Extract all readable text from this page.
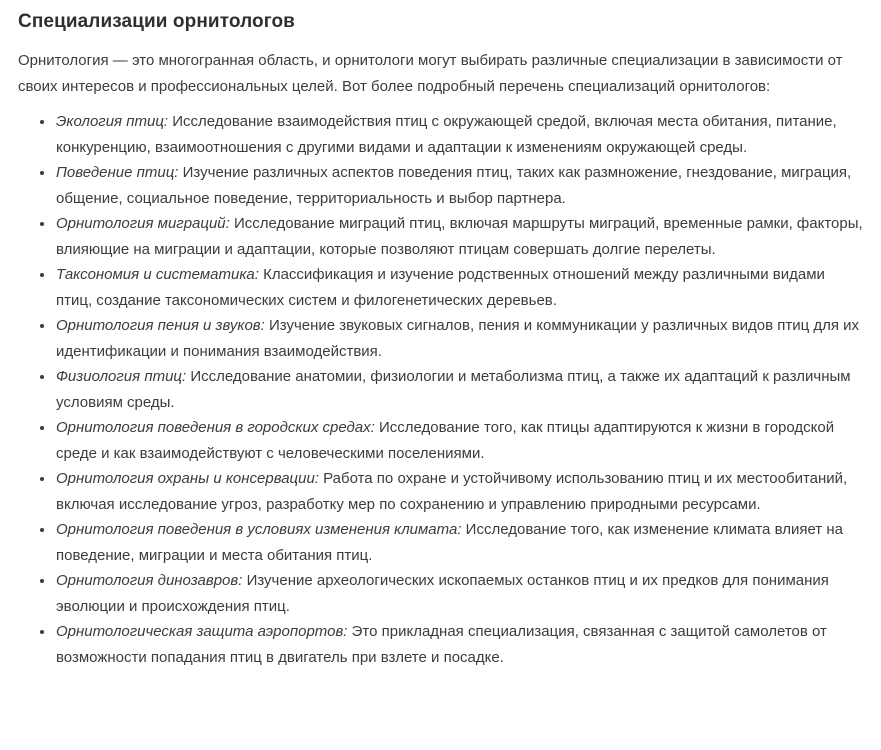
Специализации орнитологов

Орнитология — это многогранная область, и орнитологи могут выбирать различные специализации в зависимости от своих интересов и профессиональных целей. Вот более подробный перечень специализаций орнитологов:

• Экология птиц: Исследование взаимодействия птиц с окружающей средой, включая места обитания, питание, конкуренцию, взаимоотношения с другими видами и адаптации к изменениям окружающей среды.
• Поведение птиц: Изучение различных аспектов поведения птиц, таких как размножение, гнездование, миграция, общение, социальное поведение, территориальность и выбор партнера.
• Орнитология миграций: Исследование миграций птиц, включая маршруты миграций, временные рамки, факторы, влияющие на миграции и адаптации, которые позволяют птицам совершать долгие перелеты.
• Таксономия и систематика: Классификация и изучение родственных отношений между различными видами птиц, создание таксономических систем и филогенетических деревьев.
• Орнитология пения и звуков: Изучение звуковых сигналов, пения и коммуникации у различных видов птиц для их идентификации и понимания взаимодействия.
• Физиология птиц: Исследование анатомии, физиологии и метаболизма птиц, а также их адаптаций к различным условиям среды.
• Орнитология поведения в городских средах: Исследование того, как птицы адаптируются к жизни в городской среде и как взаимодействуют с человеческими поселениями.
• Орнитология охраны и консервации: Работа по охране и устойчивому использованию птиц и их местообитаний, включая исследование угроз, разработку мер по сохранению и управлению природными ресурсами.
• Орнитология поведения в условиях изменения климата: Исследование того, как изменение климата влияет на поведение, миграции и места обитания птиц.
• Орнитология динозавров: Изучение археологических ископаемых останков птиц и их предков для понимания эволюции и происхождения птиц.
• Орнитологическая защита аэропортов: Это прикладная специализация, связанная с защитой самолетов от возможности попадания птиц в двигатель при взлете и посадке.
